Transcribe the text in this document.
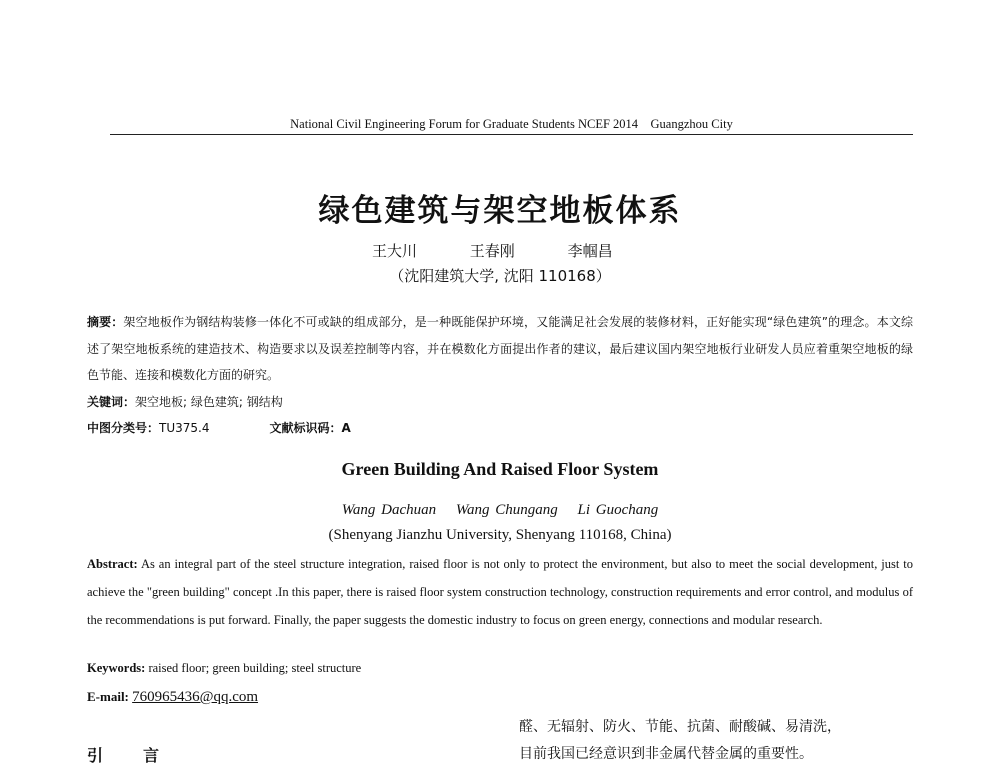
National Civil Engineering Forum for Graduate Students NCEF 2014 Guangzhou City
绿色建筑与架空地板体系
王大川	王春刚	李帼昌
（沈阳建筑大学, 沈阳 110168）
摘要：架空地板作为钢结构装修一体化不可或缺的组成部分，是一种既能保护环境，又能满足社会发展的装修材料，正好能实现“绿色建筑”的理念。本文综述了架空地板系统的建造技术、构造要求以及误差控制等内容，并在模数化方面提出作者的建议，最后建议国内架空地板行业研发人员应着重架空地板的绿色节能、连接和模数化方面的研究。
关键词：架空地板; 绿色建筑; 钢结构
中图分类号：TU375.4	文献标识码：A
Green Building And Raised Floor System
Wang Dachuan Wang Chungang Li Guochang
(Shenyang Jianzhu University, Shenyang 110168, China)
Abstract: As an integral part of the steel structure integration, raised floor is not only to protect the environment, but also to meet the social development, just to achieve the "green building" concept .In this paper, there is raised floor system construction technology, construction requirements and error control, and modulus of the recommendations is put forward. Finally, the paper suggests the domestic industry to focus on green energy, connections and modular research.
Keywords: raised floor; green building; steel structure
E-mail: 760965436@qq.com
引言
醛、无辐射、防火、节能、抗菌、耐酸碱、易清洗，
目前我国已经意识到非金属代替金属的重要性。
